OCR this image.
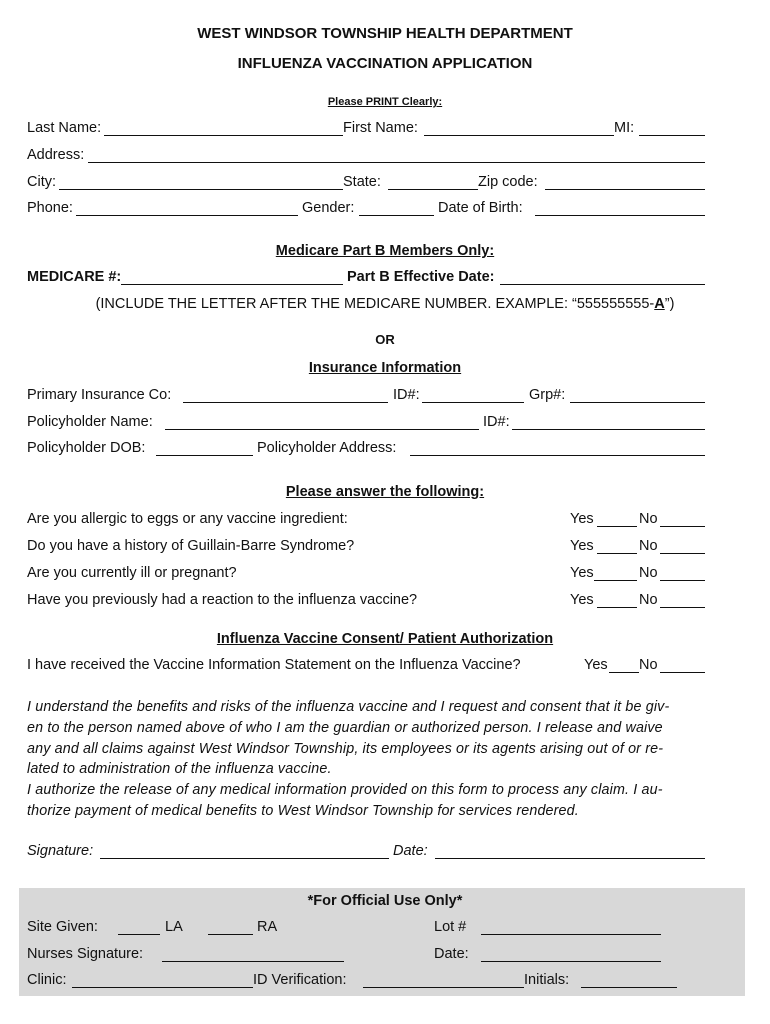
WEST WINDSOR TOWNSHIP HEALTH DEPARTMENT
INFLUENZA VACCINATION APPLICATION
Please PRINT Clearly:
Last Name:	First Name:	MI:
Address:
City:	State:	Zip code:
Phone:	Gender:	Date of Birth:
Medicare Part B Members Only:
MEDICARE #:	Part B Effective Date:
(INCLUDE THE LETTER AFTER THE MEDICARE NUMBER. EXAMPLE: “555555555-A”)
OR
Insurance Information
Primary Insurance Co:	ID#:	Grp#:
Policyholder Name:	ID#:
Policyholder DOB:	Policyholder Address:
Please answer the following:
Are you allergic to eggs or any vaccine ingredient:	Yes	No
Do you have a history of Guillain-Barre Syndrome?	Yes	No
Are you currently ill or pregnant?	Yes	No
Have you previously had a reaction to the influenza vaccine?	Yes	No
Influenza Vaccine Consent/ Patient Authorization
I have received the Vaccine Information Statement on the Influenza Vaccine?	Yes No
I understand the benefits and risks of the influenza vaccine and I request and consent that it be giv-
en to the person named above of who I am the guardian or authorized person. I release and waive
any and all claims against West Windsor Township, its employees or its agents arising out of or re-
lated to administration of the influenza vaccine.
I authorize the release of any medical information provided on this form to process any claim. I au-
thorize payment of medical benefits to West Windsor Township for services rendered.
Signature:	Date:
*For Official Use Only*
Site Given:	LA	RA	Lot #
Nurses Signature:	Date:
Clinic:	ID Verification:	Initials:
